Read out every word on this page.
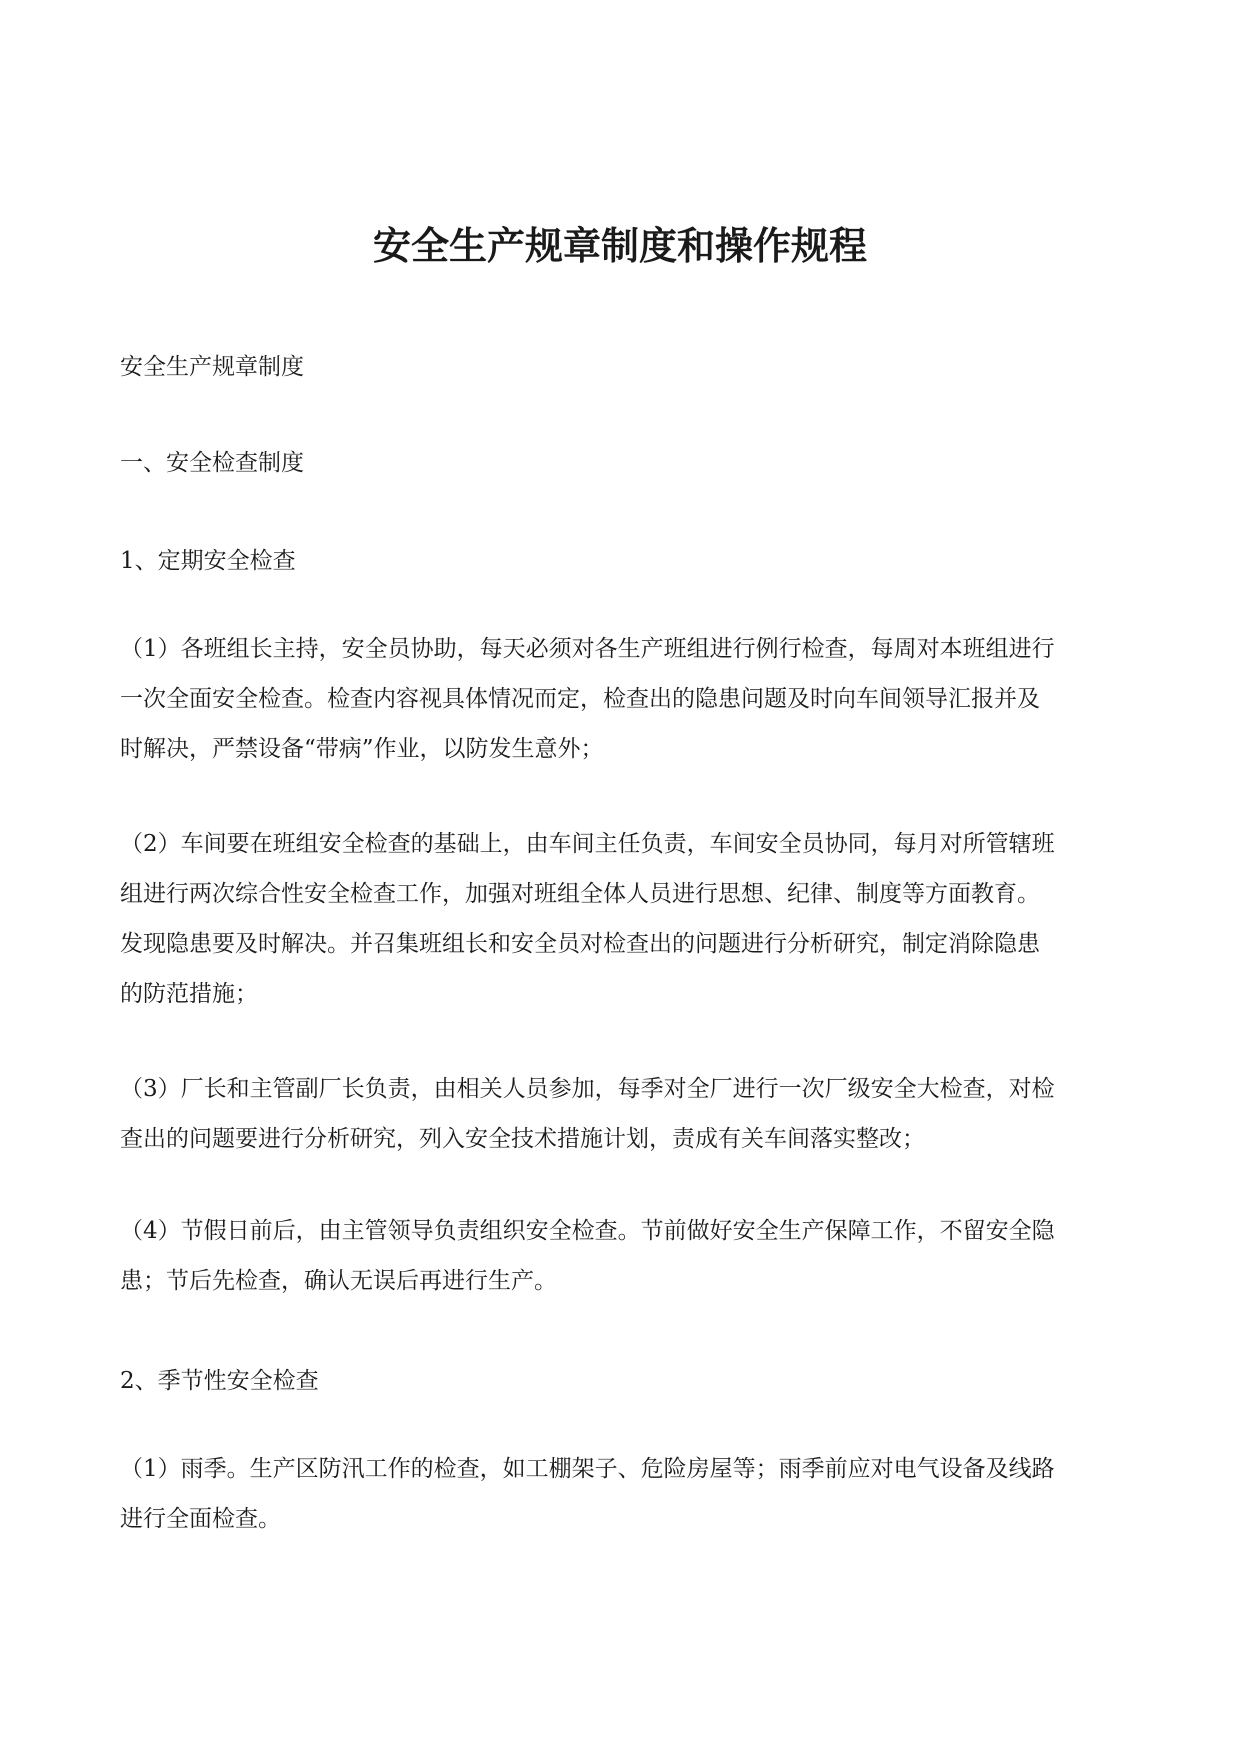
安全生产规章制度和操作规程

安全生产规章制度

一、安全检查制度

1、定期安全检查

（1）各班组长主持，安全员协助，每天必须对各生产班组进行例行检查，每周对本班组进行
一次全面安全检查。检查内容视具体情况而定，检查出的隐患问题及时向车间领导汇报并及
时解决，严禁设备“带病”作业，以防发生意外；
（2）车间要在班组安全检查的基础上，由车间主任负责，车间安全员协同，每月对所管辖班
组进行两次综合性安全检查工作，加强对班组全体人员进行思想、纪律、制度等方面教育。
发现隐患要及时解决。并召集班组长和安全员对检查出的问题进行分析研究，制定消除隐患
的防范措施；
（3）厂长和主管副厂长负责，由相关人员参加，每季对全厂进行一次厂级安全大检查，对检
查出的问题要进行分析研究，列入安全技术措施计划，责成有关车间落实整改；
（4）节假日前后，由主管领导负责组织安全检查。节前做好安全生产保障工作，不留安全隐
患；节后先检查，确认无误后再进行生产。

2、季节性安全检查

（1）雨季。生产区防汛工作的检查，如工棚架子、危险房屋等；雨季前应对电气设备及线路
进行全面检查。
